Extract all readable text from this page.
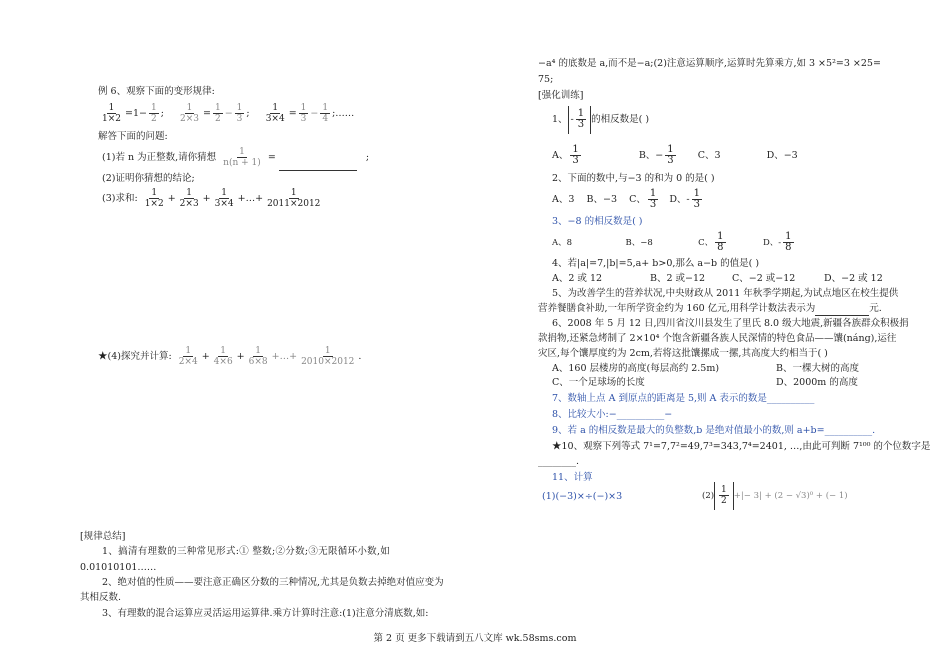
例 6、观察下面的变形规律:
$\frac{1}{1\times 2} =1- \frac{1}{2}$ ; $\frac{1}{2\times 3} = \frac{1}{2} - \frac{1}{3}$ ; $\frac{1}{3\times 4} = \frac{1}{3} - \frac{1}{4}$ ;……
解答下面的问题:
(1)若 n 为正整数,请你猜想 $\frac{1}{n(n + 1)}$ =	;
(2)证明你猜想的结论;
(3)求和: $\frac{1}{1\times 2} + \frac{1}{2\times 3} + \frac{1}{3\times 4}$ +…+ $\frac{1}{2011\times 2012}$
★(4)探究并计算: $\frac{1}{2\times 4} + \frac{1}{4\times 6} + \frac{1}{6\times 8}$ +…+ $\frac{1}{2010\times 2012}$ .
[规律总结]
1、搞清有理数的三种常见形式:① 整数;②分数;③无限循环小数,如
0.01010101……
2、绝对值的性质——要注意正确区分数的三种情况,尤其是负数去掉绝对值应变为
其相反数.
3、有理数的混合运算应灵活运用运算律.乘方计算时注意:(1)注意分清底数,如:
−a⁴ 的底数是 a,而不是−a;(2)注意运算顺序,运算时先算乘方,如 3 ×5²=3 ×25=
75;
[强化训练]
1、 - $\frac{1}{3}$ 的相反数是( )
A、 $\frac{1}{3}$	B、− $\frac{1}{3}$ C、3	D、−3
2、下面的数中,与−3 的和为 0 的是( )
A、3 B、−3 C、 $\frac{1}{3}$ D、- $\frac{1}{3}$
3、−8 的相反数是( )
A、8	B、−8	C、 $\frac{1}{8}$	D、- $\frac{1}{8}$
4、若|a|=7,|b|=5,a+ b>0,那么 a−b 的值是( )
A、2 或 12	B、2 或−12	C、−2 或−12	D、−2 或 12
5、为改善学生的营养状况,中央财政从 2011 年秋季学期起,为试点地区在校生提供
营养餐膳食补助,一年所学资金约为 160 亿元,用科学计数法表示为	元.
6、2008 年 5 月 12 日,四川省汶川县发生了里氏 8.0 级大地震,新疆各族群众积极捐
款捐物,还紧急烤制了 2×10⁴ 个饱含新疆各族人民深情的特色食品——馕(náng),运往
灾区,每个馕厚度约为 2cm,若将这批馕摞成一摞,其高度大约相当于( )
A、160 层楼房的高度(每层高约 2.5m)	B、一棵大树的高度
C、一个足球场的长度	D、2000m 的高度
7、数轴上点 A 到原点的距离是 5,则 A 表示的数是__________
8、比较大小:−__________−
9、若 a 的相反数是最大的负整数,b 是绝对值最小的数,则 a+b=__________.
★10、观察下列等式 7¹=7,7²=49,7³=343,7⁴=2401, …,由此可判断 7¹⁰⁰ 的个位数字是
________.
11、计算
(1)(−3)×÷(−)×3	$(2) \frac{1}{2}$ +|− 3| + (2 − √3)⁰ + (− 1)
第 2 页 更多下载请到五八文库 wk.58sms.com
